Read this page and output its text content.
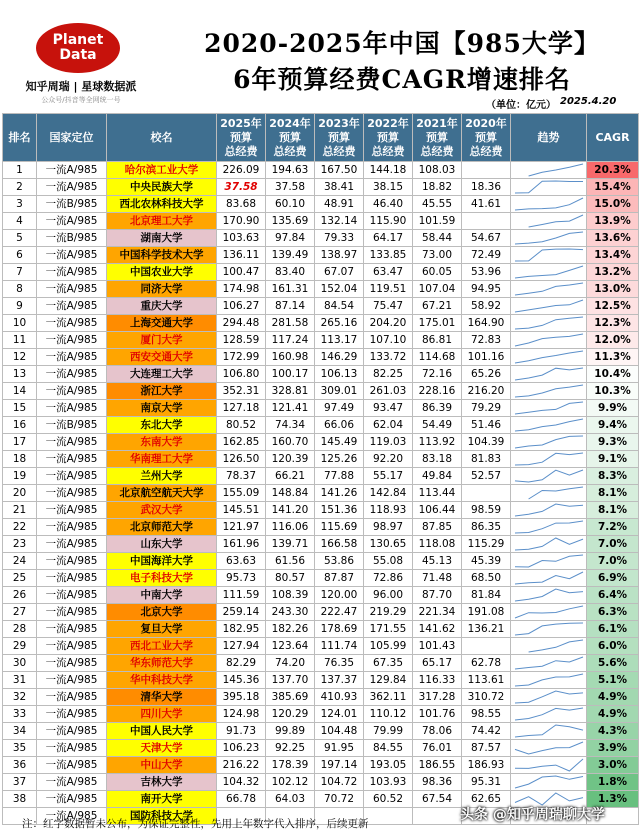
Planet Data
知乎周瑞 | 星球数据派
公众号/抖音等全网统一号
2020-2025年中国【985大学】
6年预算经费CAGR增速排名
（单位：亿元） 2025.4.20
排名	国家定位	校名	2025年
预算
总经费	2024年
预算
总经费	2023年
预算
总经费	2022年
预算
总经费	2021年
预算
总经费	2020年
预算
总经费	趋势	CAGR
1	一流A/985	哈尔滨工业大学	226.09	194.63	167.50	144.18	108.03			20.3%
2	一流A/985	中央民族大学	37.58	37.58	38.41	38.15	18.82	18.36		15.4%
3	一流B/985	西北农林科技大学	83.68	60.10	48.91	46.40	45.55	41.61		15.0%
4	一流A/985	北京理工大学	170.90	135.69	132.14	115.90	101.59			13.9%
5	一流B/985	湖南大学	103.63	97.84	79.33	64.17	58.44	54.67		13.6%
6	一流A/985	中国科学技术大学	136.11	139.49	138.97	133.85	73.00	72.49		13.4%
7	一流A/985	中国农业大学	100.47	83.40	67.07	63.47	60.05	53.96		13.2%
8	一流A/985	同济大学	174.98	161.31	152.04	119.51	107.04	94.95		13.0%
9	一流A/985	重庆大学	106.27	87.14	84.54	75.47	67.21	58.92		12.5%
10	一流A/985	上海交通大学	294.48	281.58	265.16	204.20	175.01	164.90		12.3%
11	一流A/985	厦门大学	128.59	117.24	113.17	107.10	86.81	72.83		12.0%
12	一流A/985	西安交通大学	172.99	160.98	146.29	133.72	114.68	101.16		11.3%
13	一流A/985	大连理工大学	106.80	100.17	106.13	82.25	72.16	65.26		10.4%
14	一流A/985	浙江大学	352.31	328.81	309.01	261.03	228.16	216.20		10.3%
15	一流A/985	南京大学	127.18	121.41	97.49	93.47	86.39	79.29		9.9%
16	一流B/985	东北大学	80.52	74.34	66.06	62.04	54.49	51.46		9.4%
17	一流A/985	东南大学	162.85	160.70	145.49	119.03	113.92	104.39		9.3%
18	一流A/985	华南理工大学	126.50	120.39	125.26	92.20	83.18	81.83		9.1%
19	一流A/985	兰州大学	78.37	66.21	77.88	55.17	49.84	52.57		8.3%
20	一流A/985	北京航空航天大学	155.09	148.84	141.26	142.84	113.44			8.1%
21	一流A/985	武汉大学	145.51	141.20	151.36	118.93	106.44	98.59		8.1%
22	一流A/985	北京师范大学	121.97	116.06	115.69	98.97	87.85	86.35		7.2%
23	一流A/985	山东大学	161.96	139.71	166.58	130.65	118.08	115.29		7.0%
24	一流A/985	中国海洋大学	63.63	61.56	53.86	55.08	45.13	45.39		7.0%
25	一流A/985	电子科技大学	95.73	80.57	87.87	72.86	71.48	68.50		6.9%
26	一流A/985	中南大学	111.59	108.39	120.00	96.00	87.70	81.84		6.4%
27	一流A/985	北京大学	259.14	243.30	222.47	219.29	221.34	191.08		6.3%
28	一流A/985	复旦大学	182.95	182.26	178.69	171.55	141.62	136.21		6.1%
29	一流A/985	西北工业大学	127.94	123.64	111.74	105.99	101.43			6.0%
30	一流A/985	华东师范大学	82.29	74.20	76.35	67.35	65.17	62.78		5.6%
31	一流A/985	华中科技大学	145.36	137.70	137.37	129.84	116.33	113.61		5.1%
32	一流A/985	清华大学	395.18	385.69	410.93	362.11	317.28	310.72		4.9%
33	一流A/985	四川大学	124.98	120.29	124.01	110.12	101.76	98.55		4.9%
34	一流A/985	中国人民大学	91.73	99.89	104.48	79.99	78.06	74.42		4.3%
35	一流A/985	天津大学	106.23	92.25	91.95	84.55	76.01	87.57		3.9%
36	一流A/985	中山大学	216.22	178.39	197.14	193.05	186.55	186.93		3.0%
37	一流A/985	吉林大学	104.32	102.12	104.72	103.93	98.36	95.31		1.8%
38	一流A/985	南开大学	66.78	64.03	70.72	60.52	67.54	62.65		1.3%
	一流A/985	国防科技大学							

注：红字数据暂未公布，为保证完整性，先用上年数字代入排序，后续更新
头条 @知乎周瑞聊大学
